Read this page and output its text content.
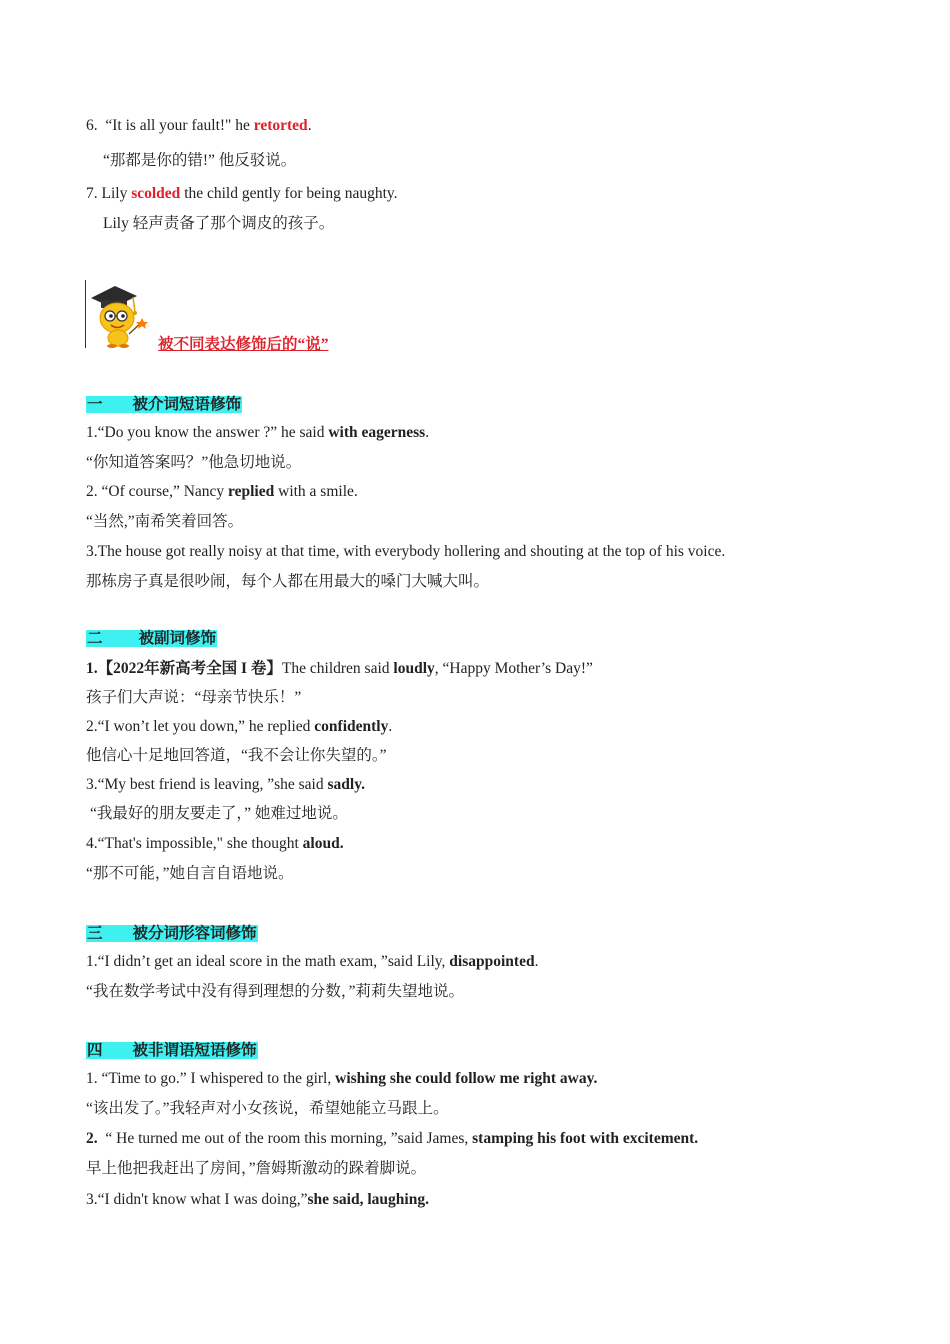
6. “It is all your fault!" he retorted.
“那都是你的错!” 他反驳说。
7. Lily scolded the child gently for being naughty.
Lily 轻声责备了那个调皮的孩子。
被不同表达修饰后的“说”
一 被介词短语修饰
1.“Do you know the answer ?” he said with eagerness.
“你知道答案吗？”他急切地说。
2. “Of course,” Nancy replied with a smile.
“当然,”南希笑着回答。
3.The house got really noisy at that time, with everybody hollering and shouting at the top of his voice.
那栋房子真是很吵闹，每个人都在用最大的嗓门大喊大叫。
二 被副词修饰
1.【2022年新高考全国 I 卷】The children said loudly, “Happy Mother’s Day!”
孩子们大声说：“母亲节快乐！”
2.“I won’t let you down,” he replied confidently.
他信心十足地回答道，“我不会让你失望的。”
3.“My best friend is leaving, ”she said sadly.
“我最好的朋友要走了，” 她难过地说。
4.“That's impossible," she thought aloud.
“那不可能，”她自言自语地说。
三 被分词形容词修饰
1.“I didn’t get an ideal score in the math exam, ”said Lily, disappointed.
“我在数学考试中没有得到理想的分数，”莉莉失望地说。
四 被非谓语短语修饰
1. “Time to go.” I whispered to the girl, wishing she could follow me right away.
“该出发了。”我轻声对小女孩说，希望她能立马跟上。
2.  “ He turned me out of the room this morning, ”said James, stamping his foot with excitement.
早上他把我赶出了房间，”詹姆斯激动的跺着脚说。
3.“I didn't know what I was doing,”she said, laughing.
